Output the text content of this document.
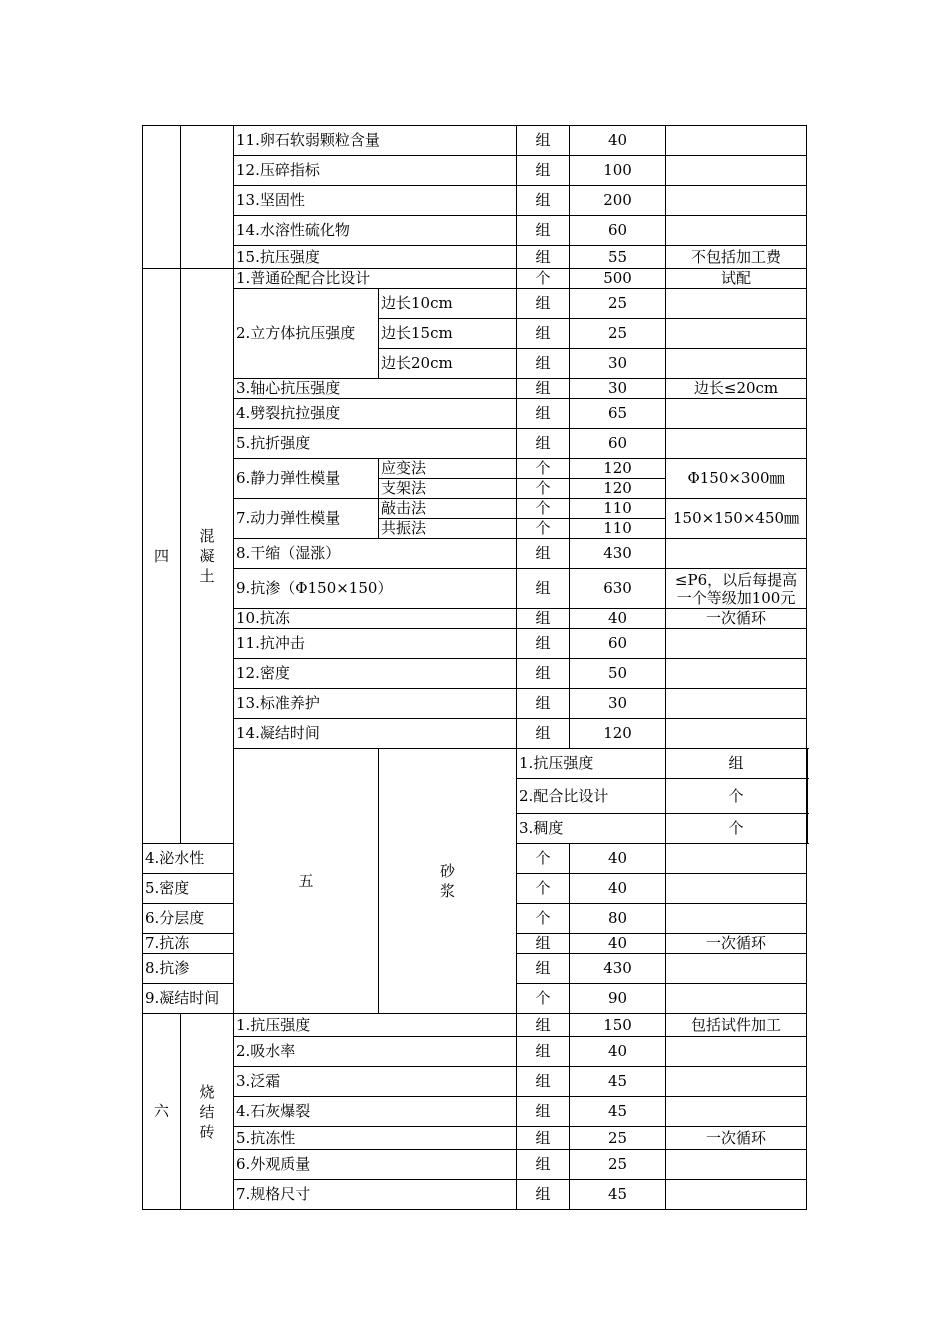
		11.卵石软弱颗粒含量		组	40		
		12.压碎指标		组	100		
		13.坚固性		组	200		
		14.水溶性硫化物		组	60		
		15.抗压强度		组	55	不包括加工费	
四	混凝土	1.普通砼配合比设计		个	500	试配	
		2.立方体抗压强度	边长10cm	组	25		
			边长15cm	组	25		
			边长20cm	组	30		
		3.轴心抗压强度		组	30	边长≤20cm	
		4.劈裂抗拉强度		组	65		
		5.抗折强度		组	60		
		6.静力弹性模量	应变法	个	120	Φ150×300㎜	
			支架法	个	120		
		7.动力弹性模量	敲击法	个	110	150×150×450㎜	
			共振法	个	110		
		8.干缩（湿涨）		组	430		
		9.抗渗（Φ150×150）		组	630	≤P6，以后每提高一个等级加100元	
		10.抗冻		组	40	一次循环	
		11.抗冲击		组	60		
		12.密度		组	50		
		13.标准养护		组	30		
		14.凝结时间		组	120		
		五	砂浆	1.抗压强度		组		
				2.配合比设计		个		
				3.稠度		个		
4.泌水性				个	40		
5.密度				个	40		
6.分层度				个	80		
7.抗冻				组	40	一次循环	
8.抗渗				组	430		
9.凝结时间				个	90		
六	烧结砖	1.抗压强度		组	150	包括试件加工	
		2.吸水率		组	40		
		3.泛霜		组	45		
		4.石灰爆裂		组	45		
		5.抗冻性		组	25	一次循环	
		6.外观质量		组	25		
		7.规格尺寸		组	45		
